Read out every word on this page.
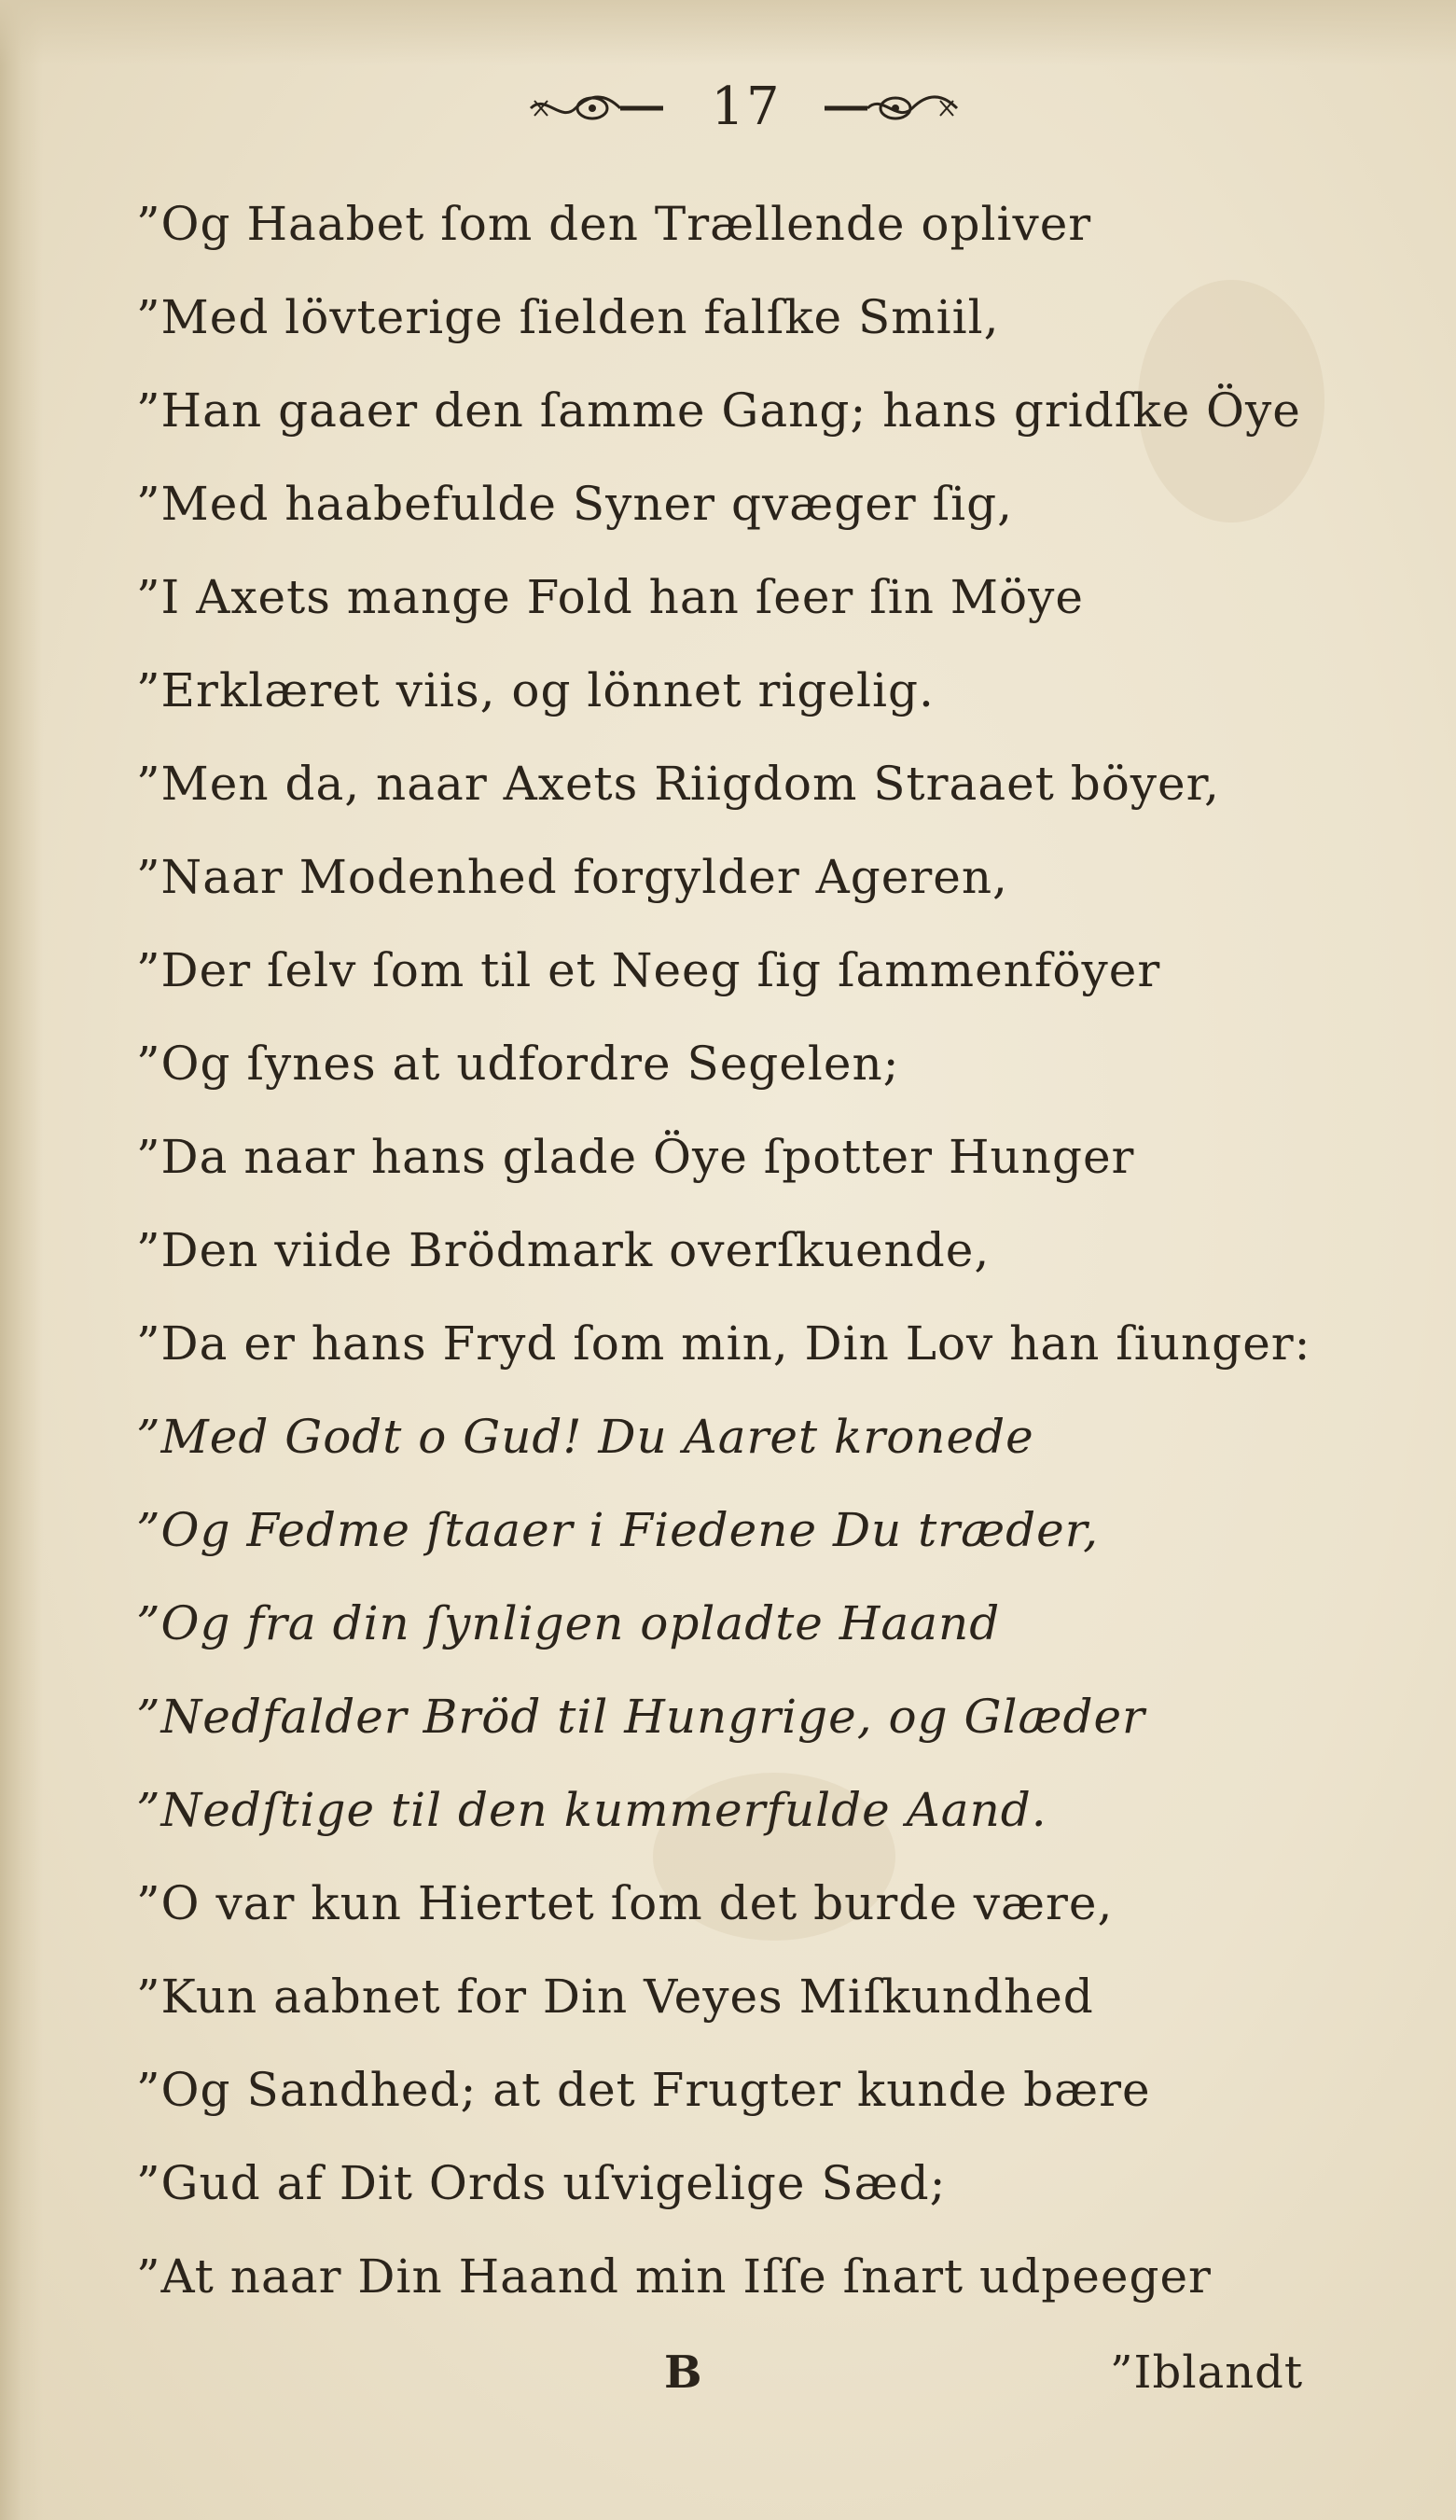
17
”Og Haabet ſom den Trællende opliver
”Med lövterige ſielden falſke Smiil,
”Han gaaer den ſamme Gang; hans gridſke Öye
”Med haabefulde Syner qvæger ſig,
”I Axets mange Fold han ſeer ſin Möye
”Erklæret viis, og lönnet rigelig.
”Men da, naar Axets Riigdom Straaet böyer,
”Naar Modenhed forgylder Ageren,
”Der ſelv ſom til et Neeg ſig ſammenföyer
”Og ſynes at udfordre Segelen;
”Da naar hans glade Öye ſpotter Hunger
”Den viide Brödmark overſkuende,
”Da er hans Fryd ſom min, Din Lov han ſiunger:
”Med Godt o Gud! Du Aaret kronede
”Og Fedme ſtaaer i Fiedene Du træder,
”Og fra din ſynligen opladte Haand
”Nedfalder Bröd til Hungrige, og Glæder
”Nedſtige til den kummerfulde Aand.
”O var kun Hiertet ſom det burde være,
”Kun aabnet for Din Veyes Miſkundhed
”Og Sandhed; at det Frugter kunde bære
”Gud af Dit Ords uſvigelige Sæd;
”At naar Din Haand min Iſſe ſnart udpeeger
B	”Iblandt
